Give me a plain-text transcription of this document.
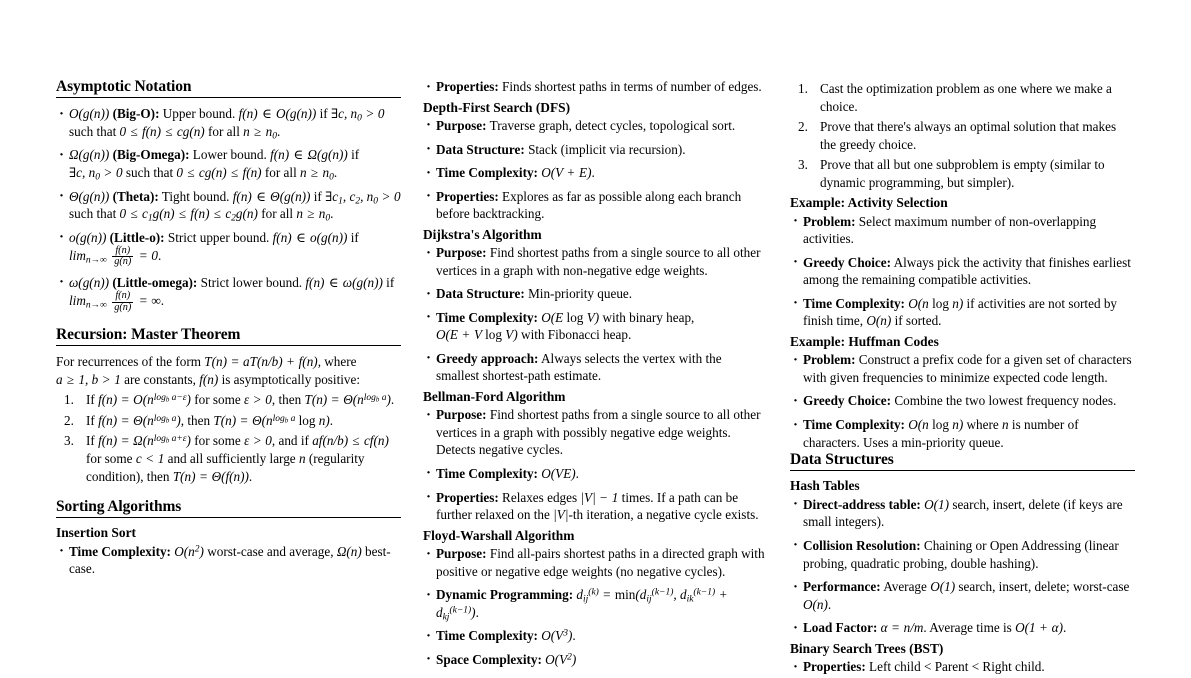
Asymptotic Notation
· O(g(n)) (Big-O): Upper bound. f(n) ∈ O(g(n)) if ∃c, $n_0 > 0$ such that 0 ≤ f(n) ≤ cg(n) for all $n \ge n_0$.
· Ω(g(n)) (Big-Omega): Lower bound. f(n) ∈ Ω(g(n)) if ∃c, $n_0 > 0$ such that 0 ≤ cg(n) ≤ f(n) for all $n \ge n_0$.
· Θ(g(n)) (Theta): Tight bound. f(n) ∈ Θ(g(n)) if $\exists c_1$, $c_2$, $n_0 > 0$ such that $0 \le c_1g(n) \le f(n) \le c_2g(n)$ for all $n \ge n_0$.
· o(g(n)) (Little-o): Strict upper bound. f(n) ∈ o(g(n)) if $\lim_{n\to\infty} \frac{f(n)}{g(n)} = 0$.
· ω(g(n)) (Little-omega): Strict lower bound. f(n) ∈ ω(g(n)) if $\lim_{n\to\infty} \frac{f(n)}{g(n)}$ = ∞.
Recursion: Master Theorem

For recurrences of the form T(n) = aT(n/b) + f(n), where a ≥ 1, b > 1 are constants, f(n) is asymptotically positive:

If $f(n) = O(n^{log_b a-\varepsilon})$ for some ε > 0, then $T(n) = \Theta(n^{log_b a})$.
If $f(n) = \Theta(n^{log_b a})$, then $T(n) = \Theta(n^{log_b a}$ log n).
If $f(n) = \Omega(n^{log_b a+\varepsilon})$ for some ε > 0, and if af(n/b) ≤ cf(n) for some c < 1 and all sufficiently large n (regularity condition), then T(n) = Θ(f(n)).
Sorting Algorithms
Insertion Sort
· Time Complexity: $O(n^2)$ worst-case and average, Ω(n) best-case.
· Properties: Finds shortest paths in terms of number of edges.
Depth-First Search (DFS)
· Purpose: Traverse graph, detect cycles, topological sort.
· Data Structure: Stack (implicit via recursion).
· Time Complexity: O(V + E).
· Properties: Explores as far as possible along each branch before backtracking.
Dijkstra's Algorithm
· Purpose: Find shortest paths from a single source to all other vertices in a graph with non-negative edge weights.
· Data Structure: Min-priority queue.
· Time Complexity: O(E log V) with binary heap, O(E + V log V) with Fibonacci heap.
· Greedy approach: Always selects the vertex with the smallest shortest-path estimate.
Bellman-Ford Algorithm
· Purpose: Find shortest paths from a single source to all other vertices in a graph with possibly negative edge weights. Detects negative cycles.
· Time Complexity: O(VE).
· Properties: Relaxes edges |V| − 1 times. If a path can be further relaxed on the |V|-th iteration, a negative cycle exists.
Floyd-Warshall Algorithm
· Purpose: Find all-pairs shortest paths in a directed graph with positive or negative edge weights (no negative cycles).
· Dynamic Programming: $d_{ij}^{(k)} = \min(d_{ij}^{(k-1)}$, $d_{ik}^{(k-1)} + d_{kj}^{(k-1)}$).
· Time Complexity: $O(V^3)$.
· Space Complexity: $O(V^2)$
Cast the optimization problem as one where we make a choice.
Prove that there's always an optimal solution that makes the greedy choice.
Prove that all but one subproblem is empty (similar to dynamic programming, but simpler).
Example: Activity Selection
· Problem: Select maximum number of non-overlapping activities.
· Greedy Choice: Always pick the activity that finishes earliest among the remaining compatible activities.
· Time Complexity: O(n log n) if activities are not sorted by finish time, O(n) if sorted.
Example: Huffman Codes
· Problem: Construct a prefix code for a given set of characters with given frequencies to minimize expected code length.
· Greedy Choice: Combine the two lowest frequency nodes.
· Time Complexity: O(n log n) where n is number of characters. Uses a min-priority queue.
Data Structures
Hash Tables
· Direct-address table: O(1) search, insert, delete (if keys are small integers).
· Collision Resolution: Chaining or Open Addressing (linear probing, quadratic probing, double hashing).
· Performance: Average O(1) search, insert, delete; worst-case O(n).
· Load Factor: α = n/m. Average time is O(1 + α).
Binary Search Trees (BST)
· Properties: Left child < Parent < Right child.
